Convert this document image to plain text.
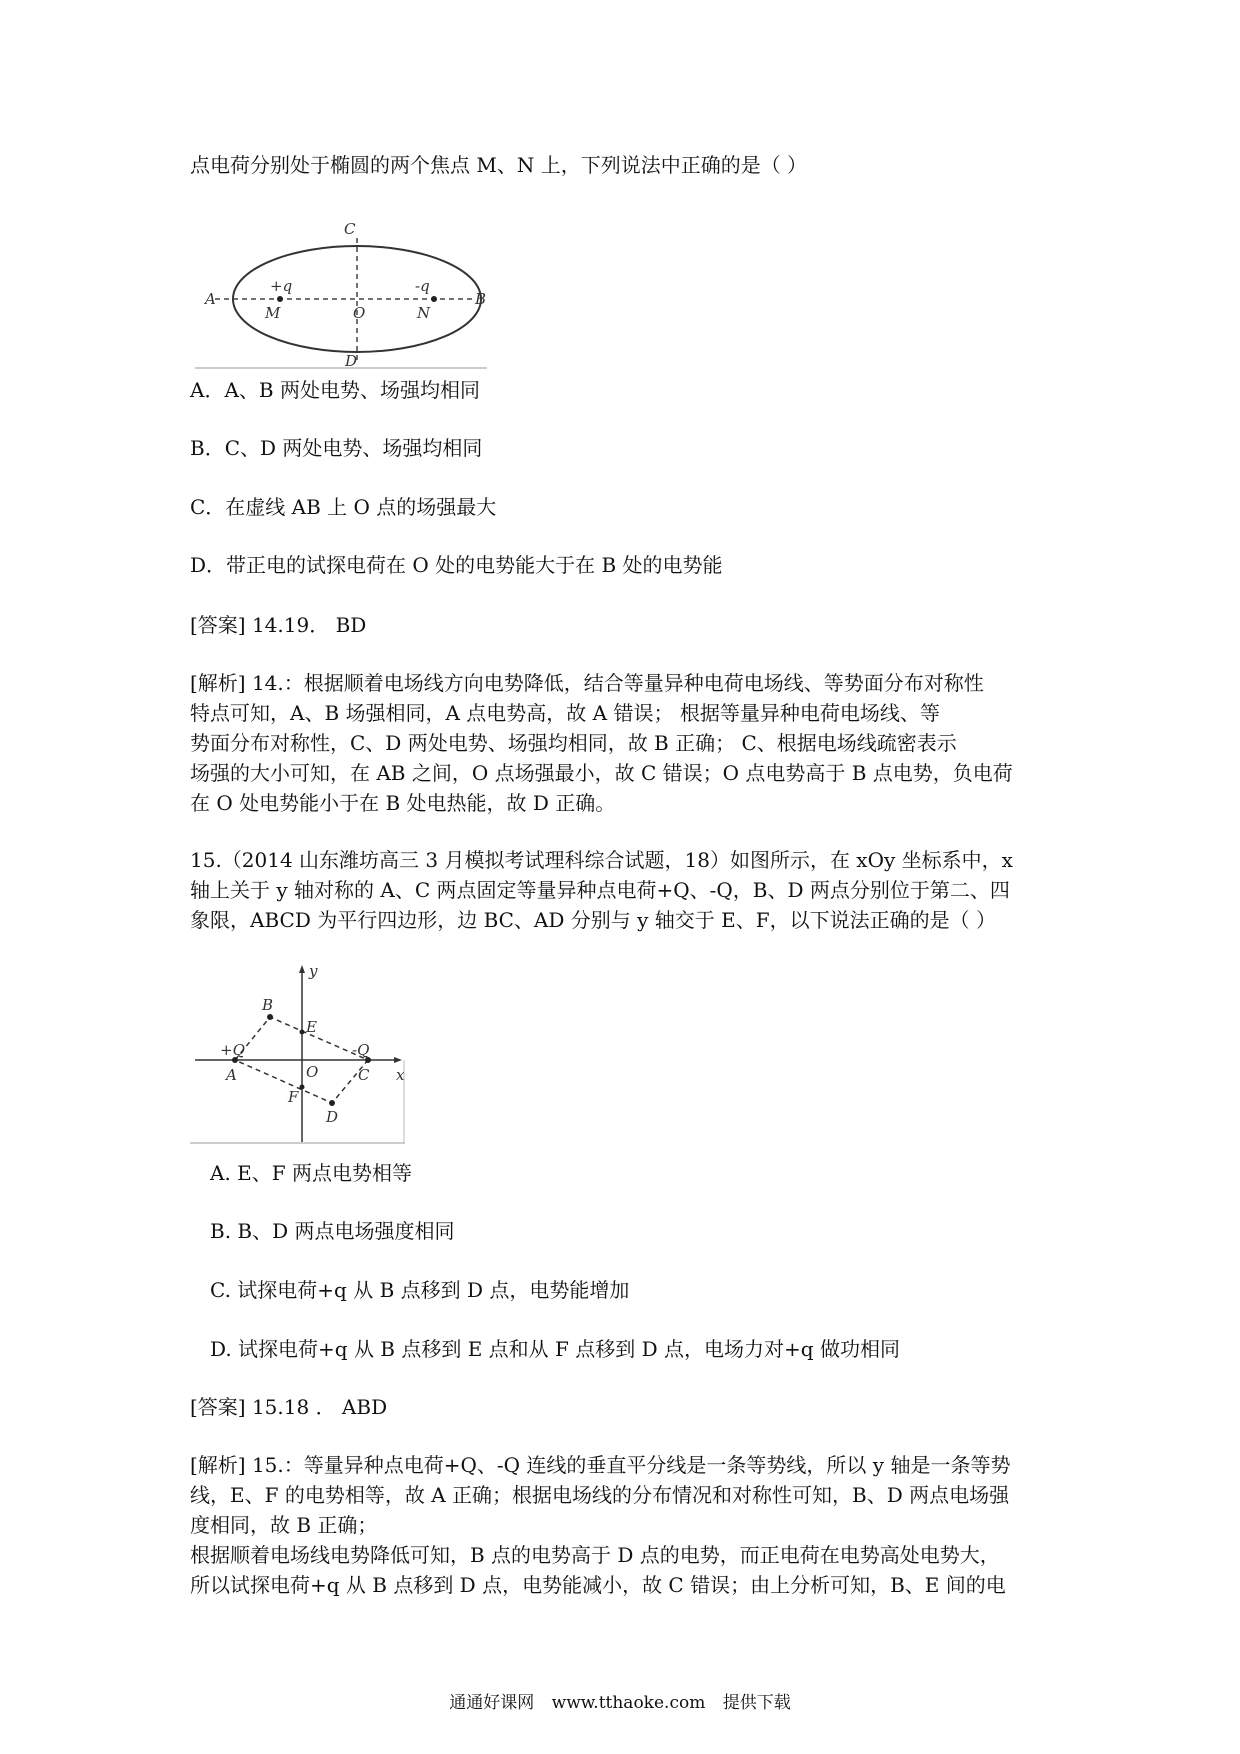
点电荷分别处于椭圆的两个焦点 M、N 上，下列说法中正确的是（ ）
C
A	B
+q	-q
M	O	N
D
A．A、B 两处电势、场强均相同
B．C、D 两处电势、场强均相同
C．在虚线 AB 上 O 点的场强最大
D．带正电的试探电荷在 O 处的电势能大于在 B 处的电势能
[答案] 14.19． BD
[解析] 14.：根据顺着电场线方向电势降低，结合等量异种电荷电场线、等势面分布对称性
特点可知，A、B 场强相同，A 点电势高，故 A 错误； 根据等量异种电荷电场线、等
势面分布对称性，C、D 两处电势、场强均相同，故 B 正确； C、根据电场线疏密表示
场强的大小可知，在 AB 之间，O 点场强最小，故 C 错误；O 点电势高于 B 点电势，负电荷
在 O 处电势能小于在 B 处电热能，故 D 正确。
15.（2014 山东潍坊高三 3 月模拟考试理科综合试题，18）如图所示，在 xOy 坐标系中，x
轴上关于 y 轴对称的 A、C 两点固定等量异种点电荷+Q、-Q，B、D 两点分别位于第二、四
象限，ABCD 为平行四边形，边 BC、AD 分别与 y 轴交于 E、F，以下说法正确的是（ ）
y
x
B
E
+Q	-Q
A	O	C
F
D
A. E、F 两点电势相等
B. B、D 两点电场强度相同
C. 试探电荷+q 从 B 点移到 D 点，电势能增加
D. 试探电荷+q 从 B 点移到 E 点和从 F 点移到 D 点，电场力对+q 做功相同
[答案] 15.18 ． ABD
[解析] 15.：等量异种点电荷+Q、-Q 连线的垂直平分线是一条等势线，所以 y 轴是一条等势
线，E、F 的电势相等，故 A 正确；根据电场线的分布情况和对称性可知，B、D 两点电场强
度相同，故 B 正确；
根据顺着电场线电势降低可知，B 点的电势高于 D 点的电势，而正电荷在电势高处电势大，
所以试探电荷+q 从 B 点移到 D 点，电势能减小，故 C 错误；由上分析可知，B、E 间的电
通通好课网 www.tthaoke.com 提供下载
